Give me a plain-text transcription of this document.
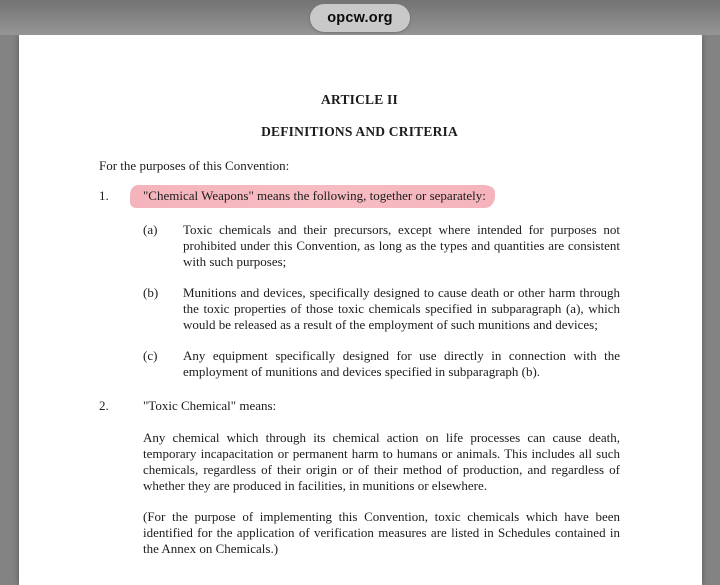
opcw.org
ARTICLE II
DEFINITIONS AND CRITERIA

For the purposes of this Convention:

1.	"Chemical Weapons" means the following, together or separately:
(a)	Toxic chemicals and their precursors, except where intended for purposes not prohibited under this Convention, as long as the types and quantities are consistent with such purposes;
(b)	Munitions and devices, specifically designed to cause death or other harm through the toxic properties of those toxic chemicals specified in subparagraph (a), which would be released as a result of the employment of such munitions and devices;
(c)	Any equipment specifically designed for use directly in connection with the employment of munitions and devices specified in subparagraph (b).
2.	"Toxic Chemical" means:

Any chemical which through its chemical action on life processes can cause death, temporary incapacitation or permanent harm to humans or animals. This includes all such chemicals, regardless of their origin or of their method of production, and regardless of whether they are produced in facilities, in munitions or elsewhere.

(For the purpose of implementing this Convention, toxic chemicals which have been identified for the application of verification measures are listed in Schedules contained in the Annex on Chemicals.)
